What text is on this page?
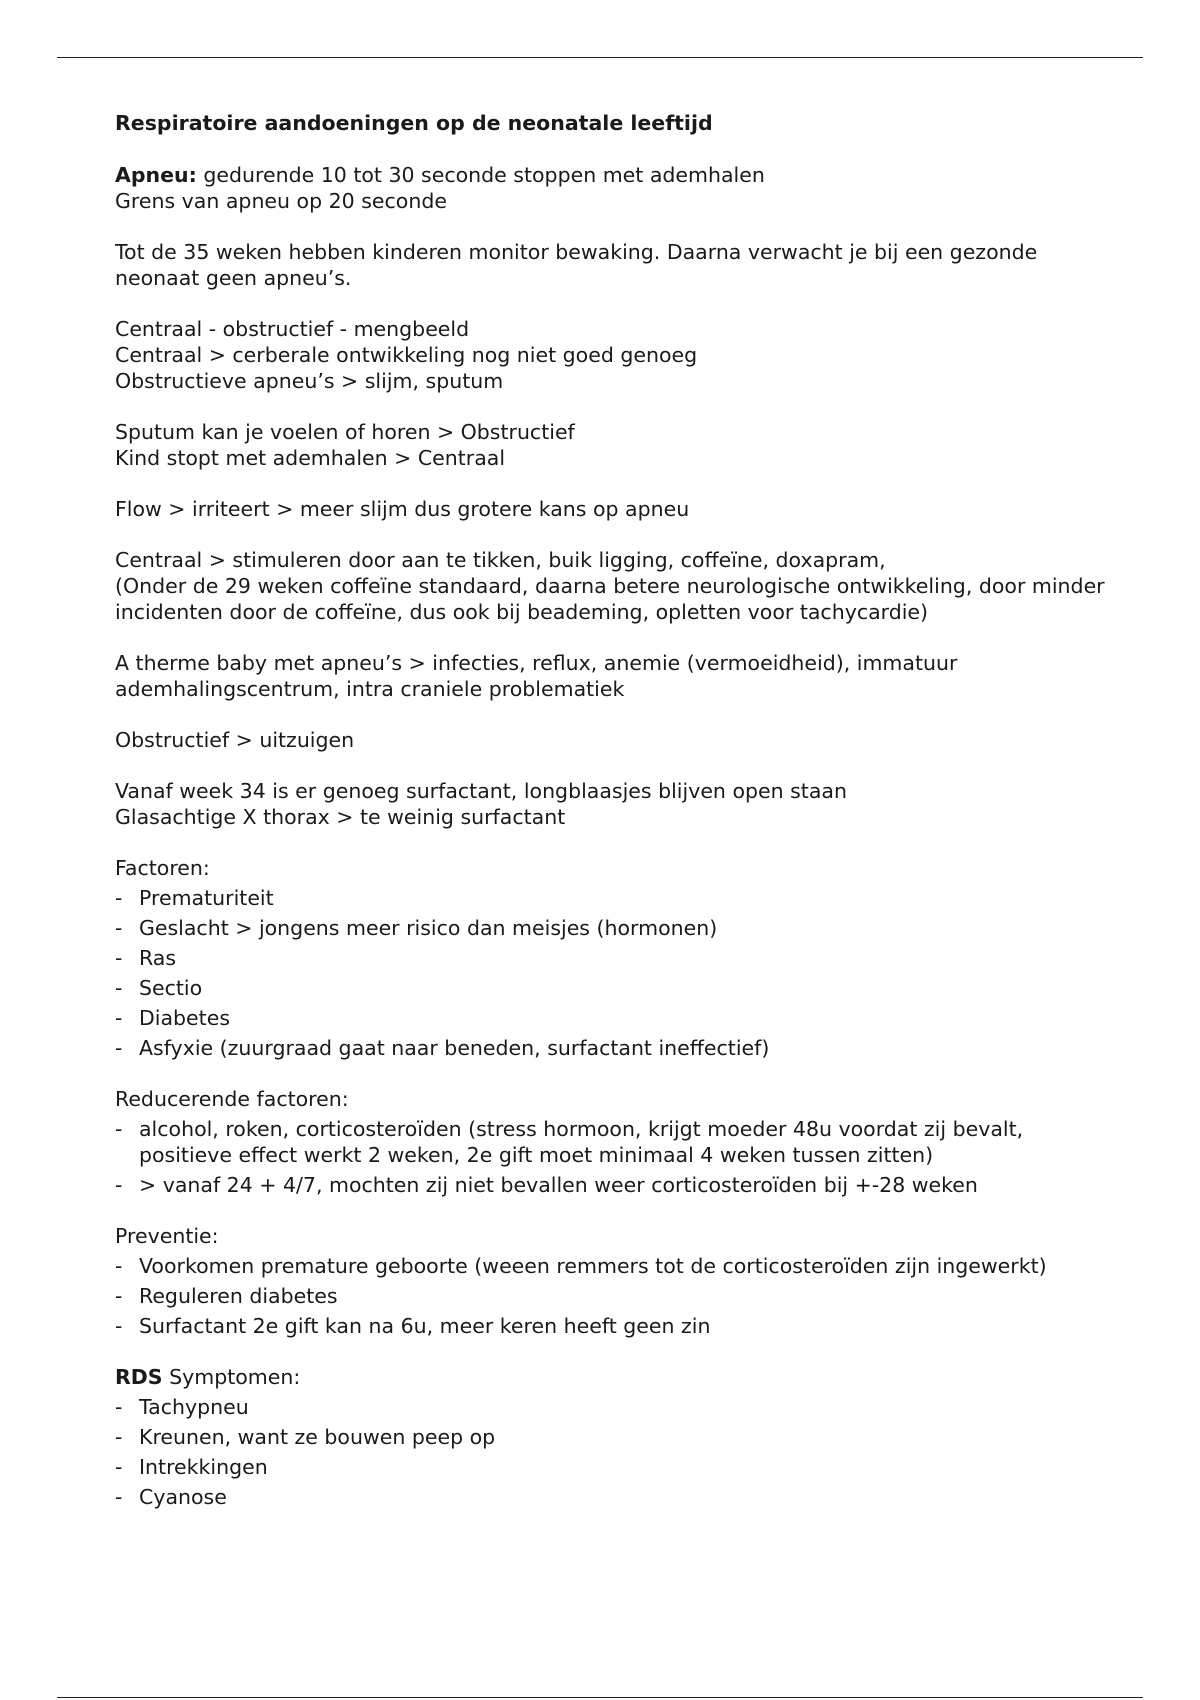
Respiratoire aandoeningen op de neonatale leeftijd

Apneu: gedurende 10 tot 30 seconde stoppen met ademhalen

Grens van apneu op 20 seconde

Tot de 35 weken hebben kinderen monitor bewaking. Daarna verwacht je bij een gezonde neonaat geen apneu’s.

Centraal - obstructief - mengbeeld

Centraal > cerberale ontwikkeling nog niet goed genoeg

Obstructieve apneu’s > slijm, sputum

Sputum kan je voelen of horen > Obstructief

Kind stopt met ademhalen > Centraal

Flow > irriteert > meer slijm dus grotere kans op apneu

Centraal > stimuleren door aan te tikken, buik ligging, coffeïne, doxapram,

(Onder de 29 weken coffeïne standaard, daarna betere neurologische ontwikkeling, door minder incidenten door de coffeïne, dus ook bij beademing, opletten voor tachycardie)

A therme baby met apneu’s > infecties, reflux, anemie (vermoeidheid), immatuur ademhalingscentrum, intra craniele problematiek

Obstructief > uitzuigen

Vanaf week 34 is er genoeg surfactant, longblaasjes blijven open staan

Glasachtige X thorax > te weinig surfactant

Factoren:

- Prematuriteit
- Geslacht > jongens meer risico dan meisjes (hormonen)
- Ras
- Sectio
- Diabetes
- Asfyxie (zuurgraad gaat naar beneden, surfactant ineffectief)

Reducerende factoren:

- alcohol, roken, corticosteroïden (stress hormoon, krijgt moeder 48u voordat zij bevalt, positieve effect werkt 2 weken, 2e gift moet minimaal 4 weken tussen zitten)
- > vanaf 24 + 4/7, mochten zij niet bevallen weer corticosteroïden bij +-28 weken

Preventie:

- Voorkomen premature geboorte (weeen remmers tot de corticosteroïden zijn ingewerkt)
- Reguleren diabetes
- Surfactant 2e gift kan na 6u, meer keren heeft geen zin

RDS Symptomen:

- Tachypneu
- Kreunen, want ze bouwen peep op
- Intrekkingen
- Cyanose
